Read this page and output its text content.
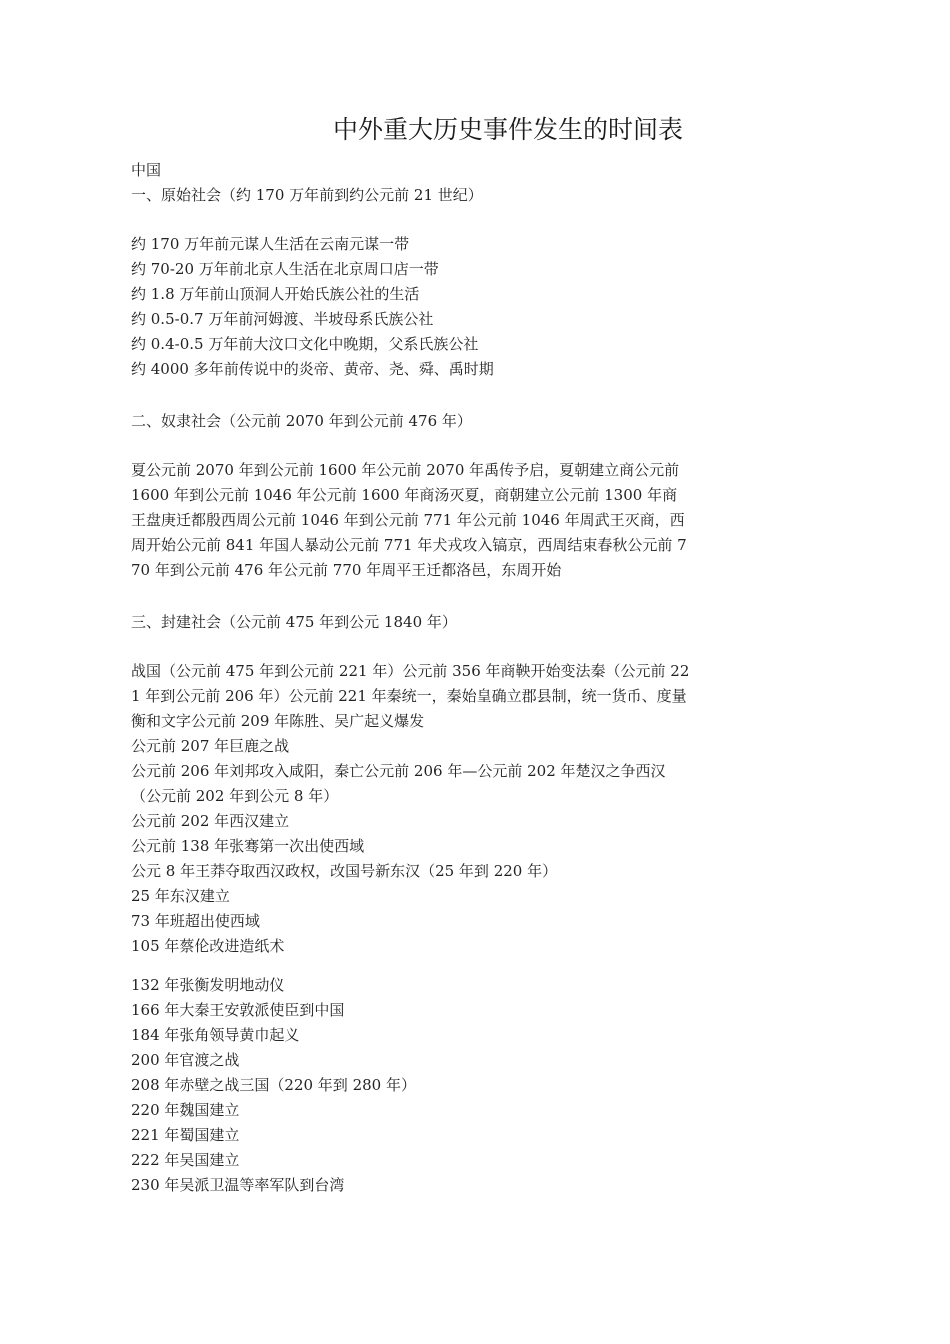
中外重大历史事件发生的时间表
中国
一、原始社会（约 170 万年前到约公元前 21 世纪）
约 170 万年前元谋人生活在云南元谋一带
约 70-20 万年前北京人生活在北京周口店一带
约 1.8 万年前山顶洞人开始氏族公社的生活
约 0.5-0.7 万年前河姆渡、半坡母系氏族公社
约 0.4-0.5 万年前大汶口文化中晚期，父系氏族公社
约 4000 多年前传说中的炎帝、黄帝、尧、舜、禹时期
二、奴隶社会（公元前 2070 年到公元前 476 年）
夏公元前 2070 年到公元前 1600 年公元前 2070 年禹传予启，夏朝建立商公元前 1600 年到公元前 1046 年公元前 1600 年商汤灭夏，商朝建立公元前 1300 年商王盘庚迁都殷西周公元前 1046 年到公元前 771 年公元前 1046 年周武王灭商，西周开始公元前 841 年国人暴动公元前 771 年犬戎攻入镐京，西周结束春秋公元前 770 年到公元前 476 年公元前 770 年周平王迁都洛邑，东周开始
三、封建社会（公元前 475 年到公元 1840 年）
战国（公元前 475 年到公元前 221 年）公元前 356 年商鞅开始变法秦（公元前 221 年到公元前 206 年）公元前 221 年秦统一，秦始皇确立郡县制，统一货币、度量衡和文字公元前 209 年陈胜、吴广起义爆发
公元前 207 年巨鹿之战
公元前 206 年刘邦攻入咸阳，秦亡公元前 206 年—公元前 202 年楚汉之争西汉（公元前 202 年到公元 8 年）
公元前 202 年西汉建立
公元前 138 年张骞第一次出使西域
公元 8 年王莽夺取西汉政权，改国号新东汉（25 年到 220 年）
25 年东汉建立
73 年班超出使西域
105 年蔡伦改进造纸术
132 年张衡发明地动仪
166 年大秦王安敦派使臣到中国
184 年张角领导黄巾起义
200 年官渡之战
208 年赤壁之战三国（220 年到 280 年）
220 年魏国建立
221 年蜀国建立
222 年吴国建立
230 年吴派卫温等率军队到台湾
